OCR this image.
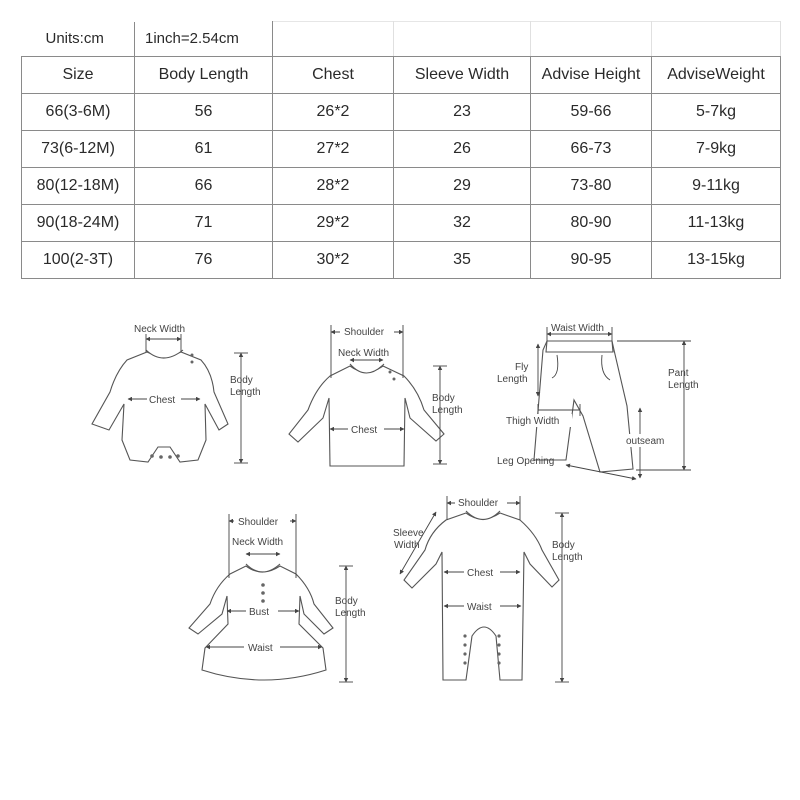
Units:cm	1inch=2.54cm				
Size	Body Length	Chest	Sleeve Width	Advise Height	AdviseWeight
66(3-6M)	56	26*2	23	59-66	5-7kg
73(6-12M)	61	27*2	26	66-73	7-9kg
80(12-18M)	66	28*2	29	73-80	9-11kg
90(18-24M)	71	29*2	32	80-90	11-13kg
100(2-3T)	76	30*2	35	90-95	13-15kg
Neck Width
Chest
Body
Length
Shoulder
Neck Width
Chest
Body
Length
Waist Width
Fly
Length
Pant
Length
Thigh Width
outseam
Leg Opening
Shoulder
Neck Width
Bust
Waist
Body
Length
Shoulder
Sleeve
Width
Chest
Waist
Body
Length
